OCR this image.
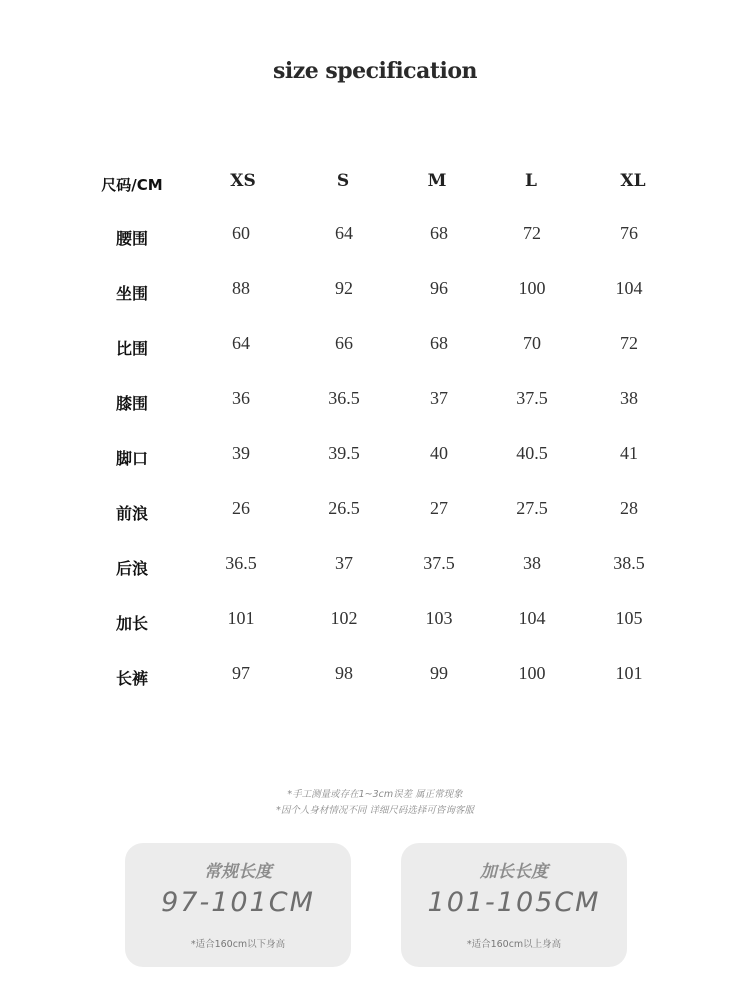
size specification
尺码/CM	XS	S	M	L	XL
腰围	60	64	68	72	76
坐围	88	92	96	100	104
比围	64	66	68	70	72
膝围	36	36.5	37	37.5	38
脚口	39	39.5	40	40.5	41
前浪	26	26.5	27	27.5	28
后浪	36.5	37	37.5	38	38.5
加长	101	102	103	104	105
长裤	97	98	99	100	101
*手工测量或存在1~3cm误差 属正常现象
*因个人身材情况不同 详细尺码选择可咨询客服
常规长度
97-101CM
*适合160cm以下身高
加长长度
101-105CM
*适合160cm以上身高
